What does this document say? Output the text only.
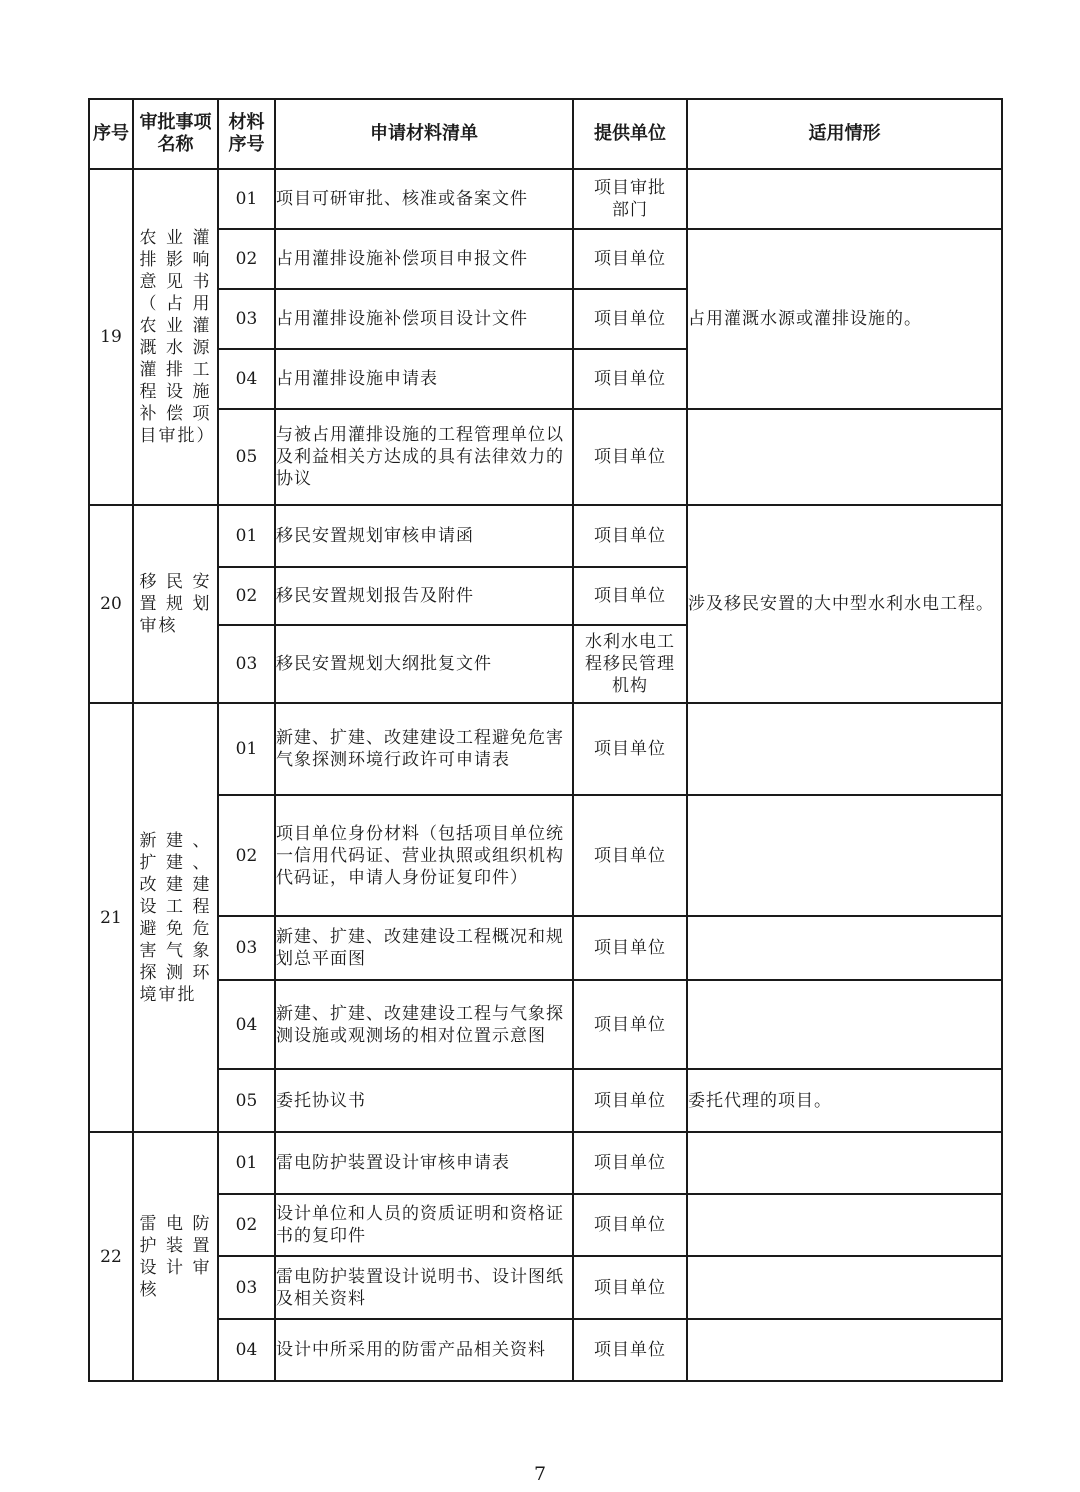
序号	审批事项名称	材料序号	申请材料清单	提供单位	适用情形
19	农业灌排影响意见书（占用农业灌溉水源灌排工程设施补偿项目审批）	01	项目可研审批、核准或备案文件	项目审批部门	
		02	占用灌排设施补偿项目申报文件	项目单位	占用灌溉水源或灌排设施的。
		03	占用灌排设施补偿项目设计文件	项目单位	
		04	占用灌排设施申请表	项目单位	
		05	与被占用灌排设施的工程管理单位以及利益相关方达成的具有法律效力的协议	项目单位	
20	移民安置规划审核	01	移民安置规划审核申请函	项目单位	涉及移民安置的大中型水利水电工程。
		02	移民安置规划报告及附件	项目单位	
		03	移民安置规划大纲批复文件	水利水电工程移民管理机构	
21	新建、扩建、改建建设工程避免危害气象探测环境审批	01	新建、扩建、改建建设工程避免危害气象探测环境行政许可申请表	项目单位	
		02	项目单位身份材料（包括项目单位统一信用代码证、营业执照或组织机构代码证，申请人身份证复印件）	项目单位	
		03	新建、扩建、改建建设工程概况和规划总平面图	项目单位	
		04	新建、扩建、改建建设工程与气象探测设施或观测场的相对位置示意图	项目单位	
		05	委托协议书	项目单位	委托代理的项目。
22	雷电防护装置设计审核	01	雷电防护装置设计审核申请表	项目单位	
		02	设计单位和人员的资质证明和资格证书的复印件	项目单位	
		03	雷电防护装置设计说明书、设计图纸及相关资料	项目单位	
		04	设计中所采用的防雷产品相关资料	项目单位	
7
